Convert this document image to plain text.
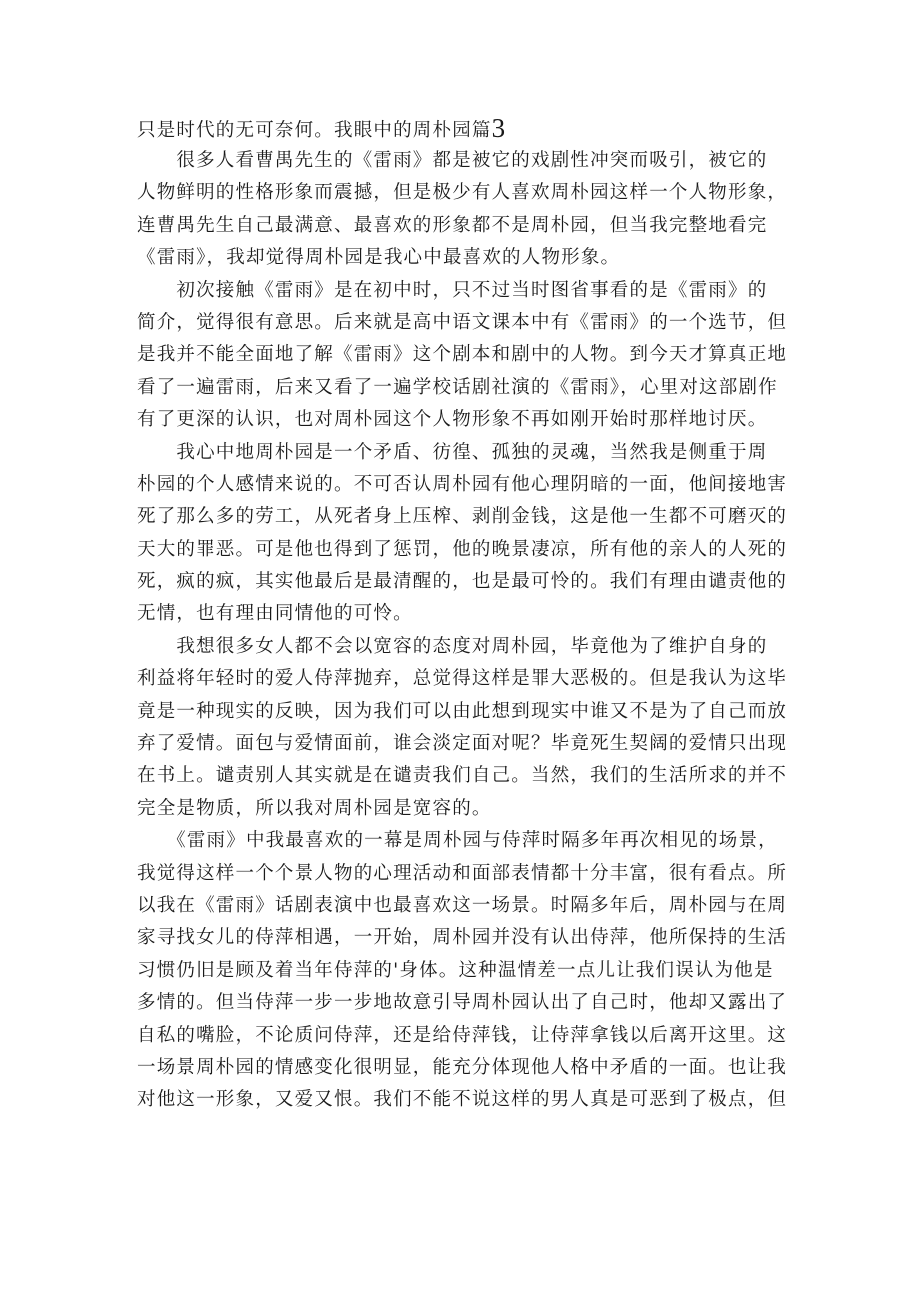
只是时代的无可奈何。我眼中的周朴园篇3
　　很多人看曹禺先生的《雷雨》都是被它的戏剧性冲突而吸引，被它的
人物鲜明的性格形象而震撼，但是极少有人喜欢周朴园这样一个人物形象，
连曹禺先生自己最满意、最喜欢的形象都不是周朴园，但当我完整地看完
《雷雨》，我却觉得周朴园是我心中最喜欢的人物形象。
　　初次接触《雷雨》是在初中时，只不过当时图省事看的是《雷雨》的
简介，觉得很有意思。后来就是高中语文课本中有《雷雨》的一个选节，但
是我并不能全面地了解《雷雨》这个剧本和剧中的人物。到今天才算真正地
看了一遍雷雨，后来又看了一遍学校话剧社演的《雷雨》，心里对这部剧作
有了更深的认识，也对周朴园这个人物形象不再如刚开始时那样地讨厌。
　　我心中地周朴园是一个矛盾、彷徨、孤独的灵魂，当然我是侧重于周
朴园的个人感情来说的。不可否认周朴园有他心理阴暗的一面，他间接地害
死了那么多的劳工，从死者身上压榨、剥削金钱，这是他一生都不可磨灭的
天大的罪恶。可是他也得到了惩罚，他的晚景凄凉，所有他的亲人的人死的
死，疯的疯，其实他最后是最清醒的，也是最可怜的。我们有理由谴责他的
无情，也有理由同情他的可怜。
　　我想很多女人都不会以宽容的态度对周朴园，毕竟他为了维护自身的
利益将年轻时的爱人侍萍抛弃，总觉得这样是罪大恶极的。但是我认为这毕
竟是一种现实的反映，因为我们可以由此想到现实中谁又不是为了自己而放
弃了爱情。面包与爱情面前，谁会淡定面对呢？毕竟死生契阔的爱情只出现
在书上。谴责别人其实就是在谴责我们自己。当然，我们的生活所求的并不
完全是物质，所以我对周朴园是宽容的。
　　《雷雨》中我最喜欢的一幕是周朴园与侍萍时隔多年再次相见的场景，
我觉得这样一个个景人物的心理活动和面部表情都十分丰富，很有看点。所
以我在《雷雨》话剧表演中也最喜欢这一场景。时隔多年后，周朴园与在周
家寻找女儿的侍萍相遇，一开始，周朴园并没有认出侍萍，他所保持的生活
习惯仍旧是顾及着当年侍萍的'身体。这种温情差一点儿让我们误认为他是
多情的。但当侍萍一步一步地故意引导周朴园认出了自己时，他却又露出了
自私的嘴脸，不论质问侍萍，还是给侍萍钱，让侍萍拿钱以后离开这里。这
一场景周朴园的情感变化很明显，能充分体现他人格中矛盾的一面。也让我
对他这一形象，又爱又恨。我们不能不说这样的男人真是可恶到了极点，但
